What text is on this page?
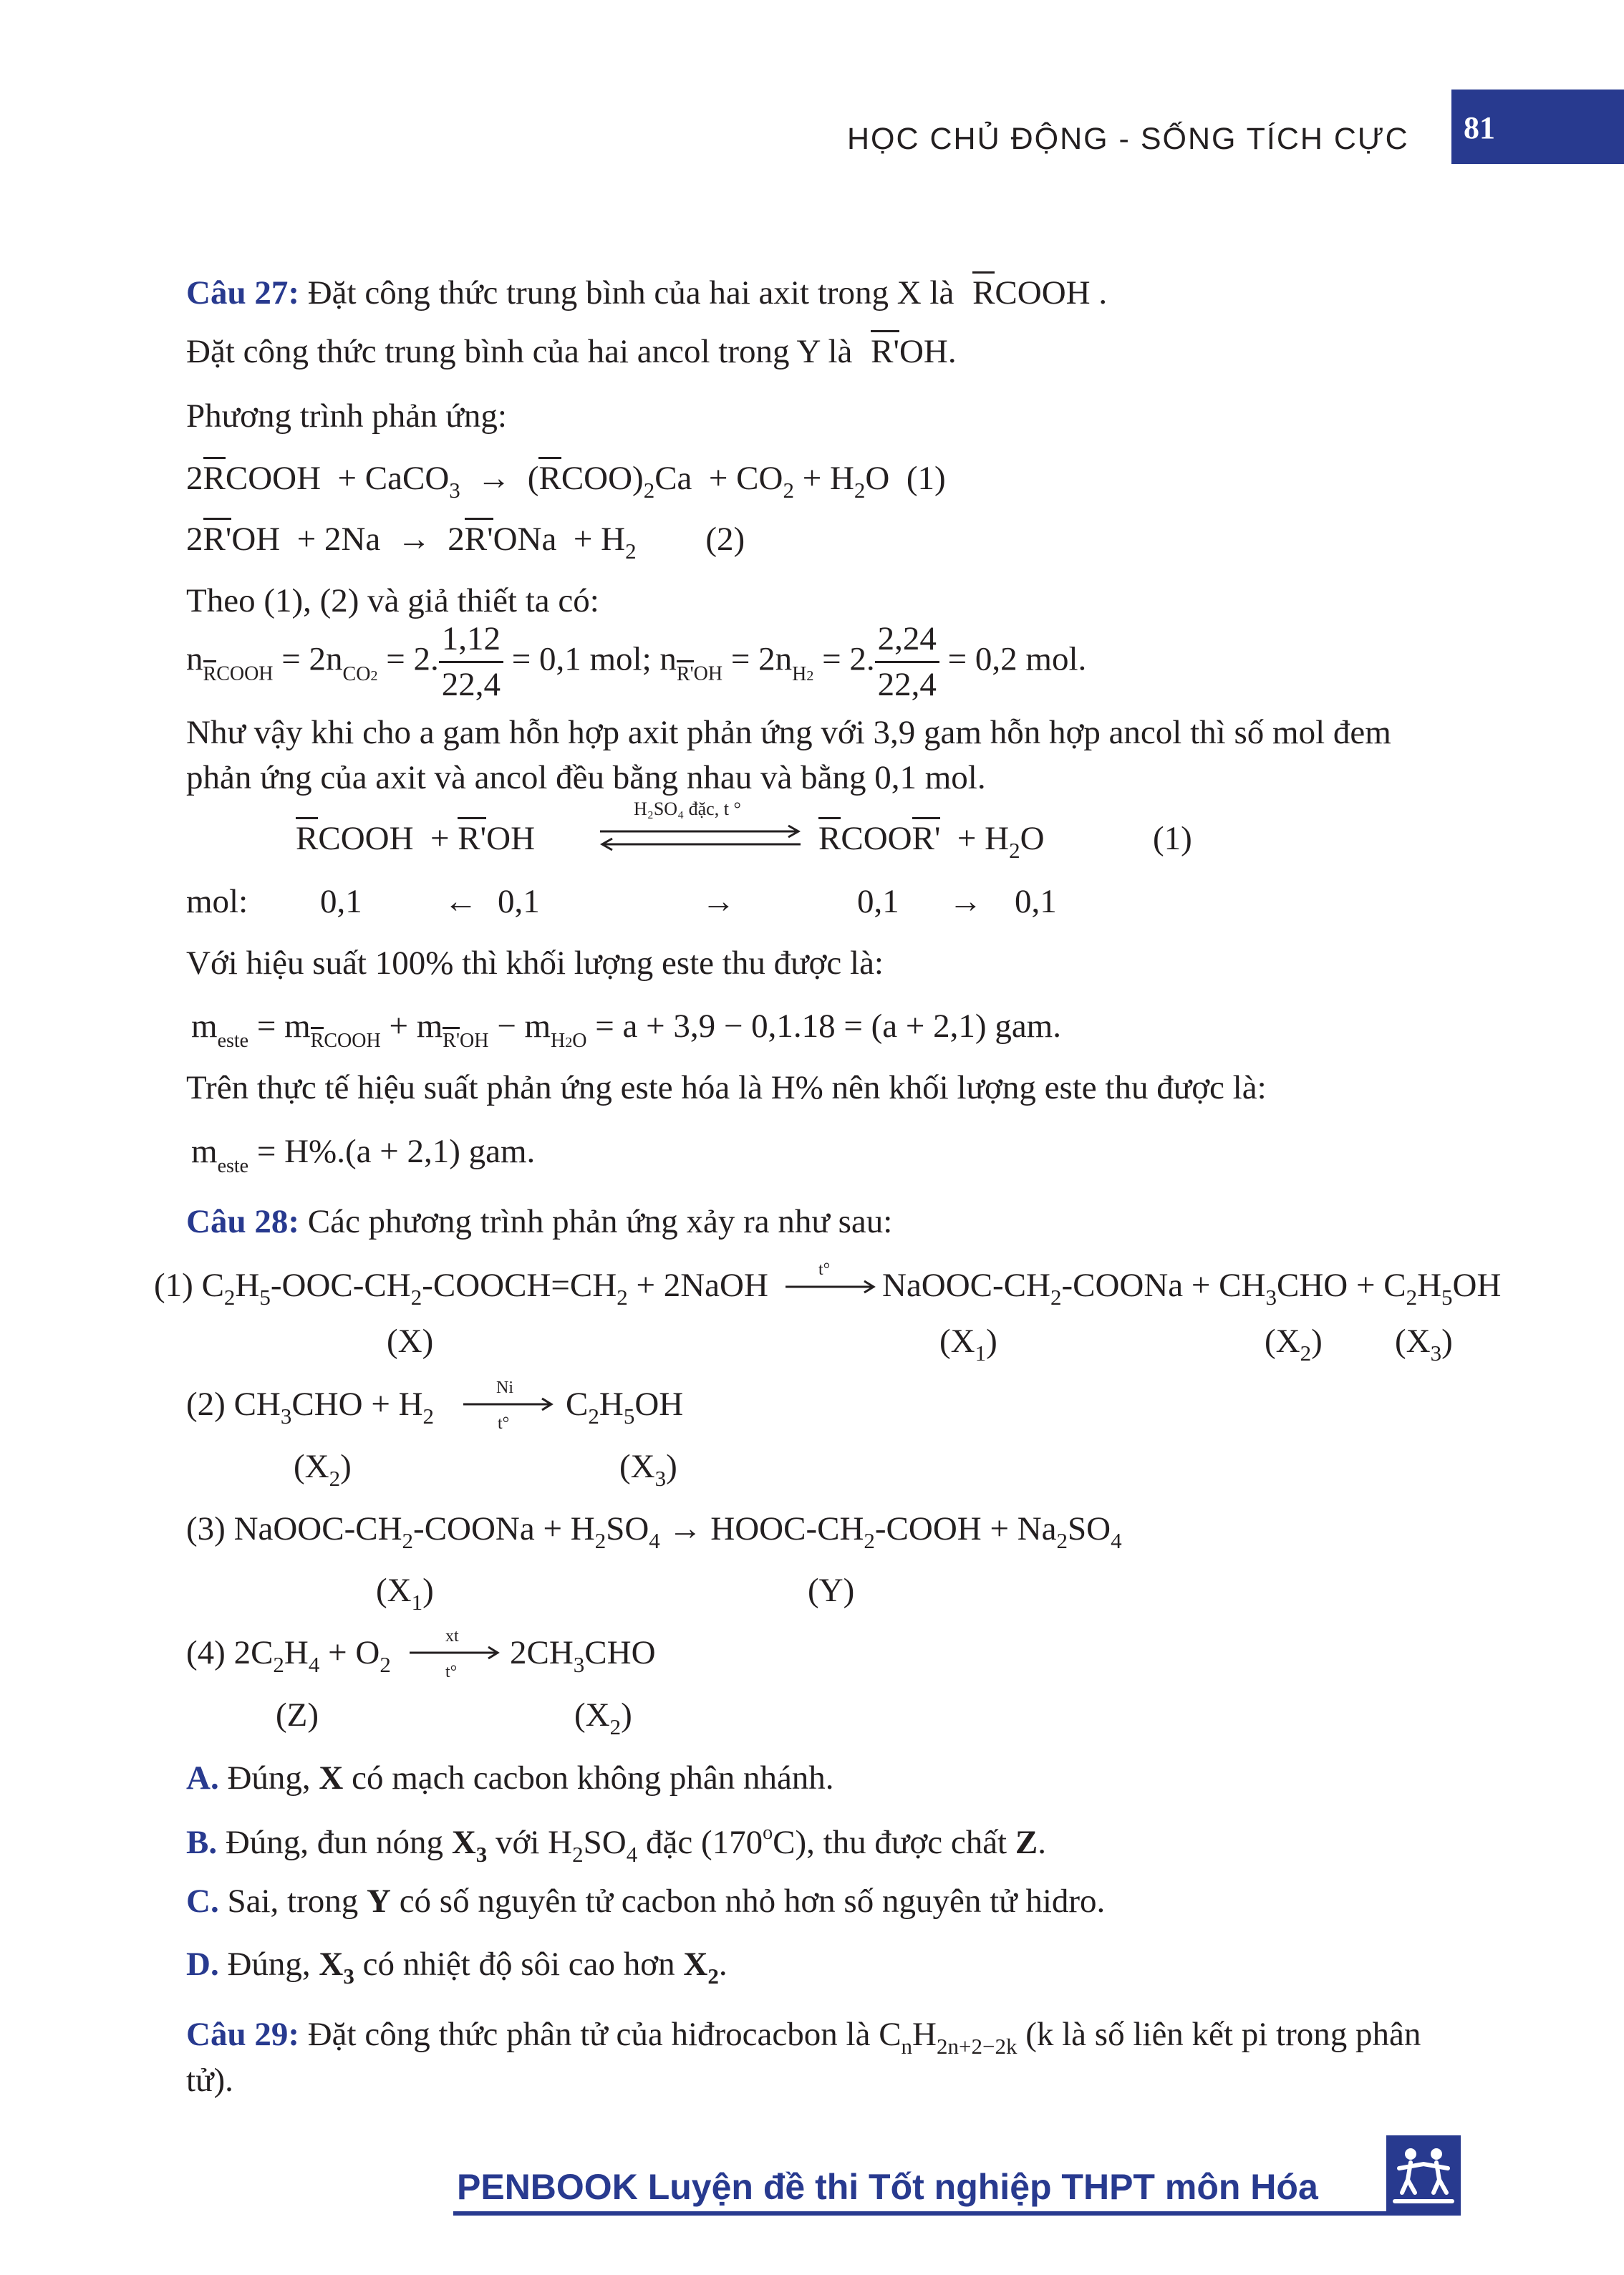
HỌC CHỦ ĐỘNG - SỐNG TÍCH CỰC 81
Câu 27: Đặt công thức trung bình của hai axit trong X là RCOOH .
Đặt công thức trung bình của hai ancol trong Y là R'OH.
Phương trình phản ứng:
2RCOOH  + CaCO$_3$  →  $(RCOO)_2Ca + CO_2 + H_2O$  (1)
$2R'OH + 2Na \to 2R'ONa + H_2$ (2)
Theo (1), (2) và giả thiết ta có:
$n_{RCOOH} = 2n_{CO2} = 2$. $\frac{1,12}{22,4} = 0,1$ mol; $n_{R'OH} = 2n_{H2} = 2$. $\frac{2,24}{22,4} = 0,2$ mol.
Như vậy khi cho a gam hỗn hợp axit phản ứng với 3,9 gam hỗn hợp ancol thì số mol đem
phản ứng của axit và ancol đều bằng nhau và bằng 0,1 mol.
RCOOH  + R'OH
H₂SO₄ đặc, t °
RCOOR'  + $H_2O$	(1)
mol: 0,1 ← 0,1	→	0,1 → 0,1
Với hiệu suất 100% thì khối lượng este thu được là:
$m_{este} = m_{RCOOH} + m_{R'OH} - m_{H2O} = a + 3,9 - 0,1.18 = (a + 2,1)$ gam.
Trên thực tế hiệu suất phản ứng este hóa là H% nên khối lượng este thu được là:
$m_{este} = H\%.(a + 2,1)$ gam.
Câu 28: Các phương trình phản ứng xảy ra như sau:
(1) $C_2H_5-OOC-CH_2-COOCH=CH_2$ + 2NaOH	t° NaOOC-$CH_2$-COONa + $CH_3CHO + C_2H_5OH$
(X)	$(X_1)$	$(X_2)$ $(X_3)$
(2) $CH_3CHO + H_2$
Ni
t°
$C_2H_5OH$
$(X_2)$	$(X_3)$
(3) NaOOC-$CH_2$-COONa + $H_2SO_4$ → HOOC-$CH_2$-COOH + $Na_2SO_4$
$(X_1)$	(Y)
(4) $2C_2H_4 + O_2$
xt
t°
$2CH_3CHO$
(Z)	$(X_2)$
A. Đúng, X có mạch cacbon không phân nhánh.
B. Đúng, đun nóng $X_3$ với $H_2SO_4$ đặc (170$^o$C), thu được chất Z.
C. Sai, trong Y có số nguyên tử cacbon nhỏ hơn số nguyên tử hidro.
D. Đúng, $X_3$ có nhiệt độ sôi cao hơn $X_2$.
Câu 29: Đặt công thức phân tử của hiđrocacbon là $C_nH_{2n+2-2k}$ (k là số liên kết pi trong phân
tử).
PENBOOK Luyện đề thi Tốt nghiệp THPT môn Hóa
